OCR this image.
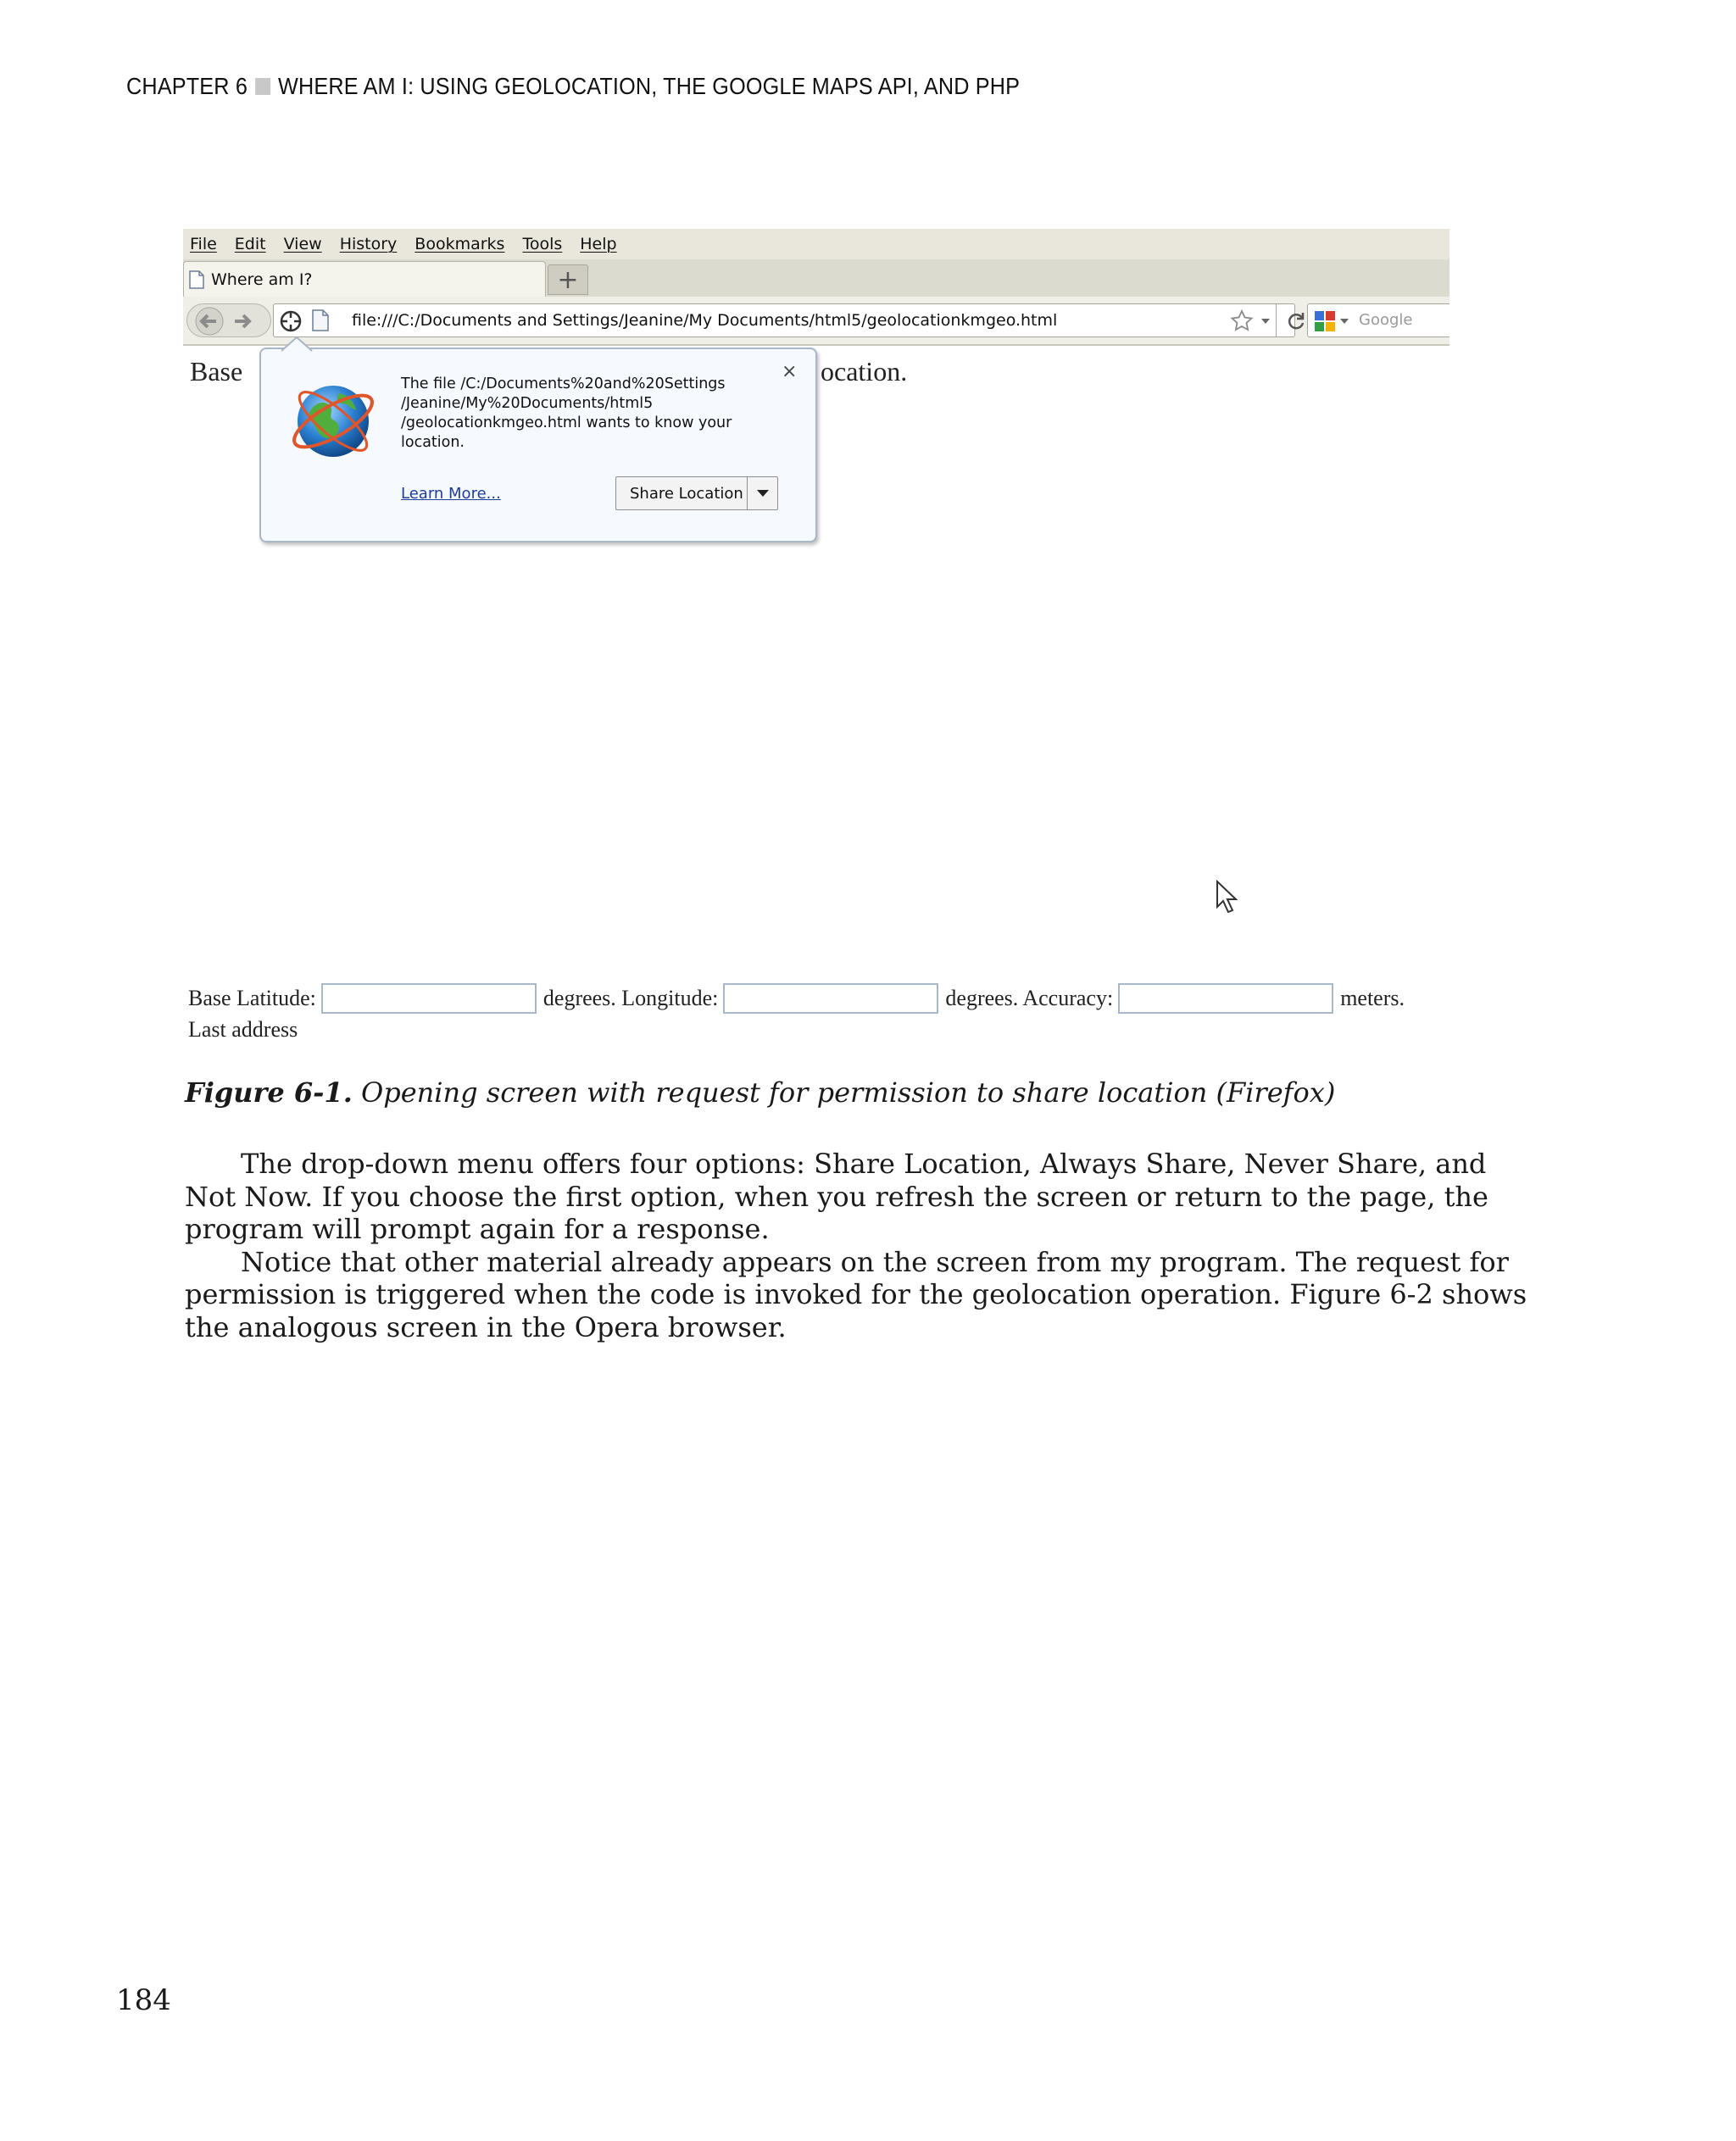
CHAPTER 6 WHERE AM I: USING GEOLOCATION, THE GOOGLE MAPS API, AND PHP
File	Edit	View	History	Bookmarks	Tools	Help
Where am I?	+
file:///C:/Documents and Settings/Jeanine/My Documents/html5/geolocationkmgeo.html	Google
Base	ocation.
The file /C:/Documents%20and%20Settings /Jeanine/My%20Documents/html5 /geolocationkmgeo.html wants to know your location.
×
Learn More...	Share Location
Base Latitude:	degrees. Longitude:	degrees. Accuracy:	meters.
Last address
Figure 6-1. Opening screen with request for permission to share location (Firefox)

The drop-down menu offers four options: Share Location, Always Share, Never Share, and Not Now. If you choose the first option, when you refresh the screen or return to the page, the program will prompt again for a response.

Notice that other material already appears on the screen from my program. The request for permission is triggered when the code is invoked for the geolocation operation. Figure 6-2 shows the analogous screen in the Opera browser.

184
